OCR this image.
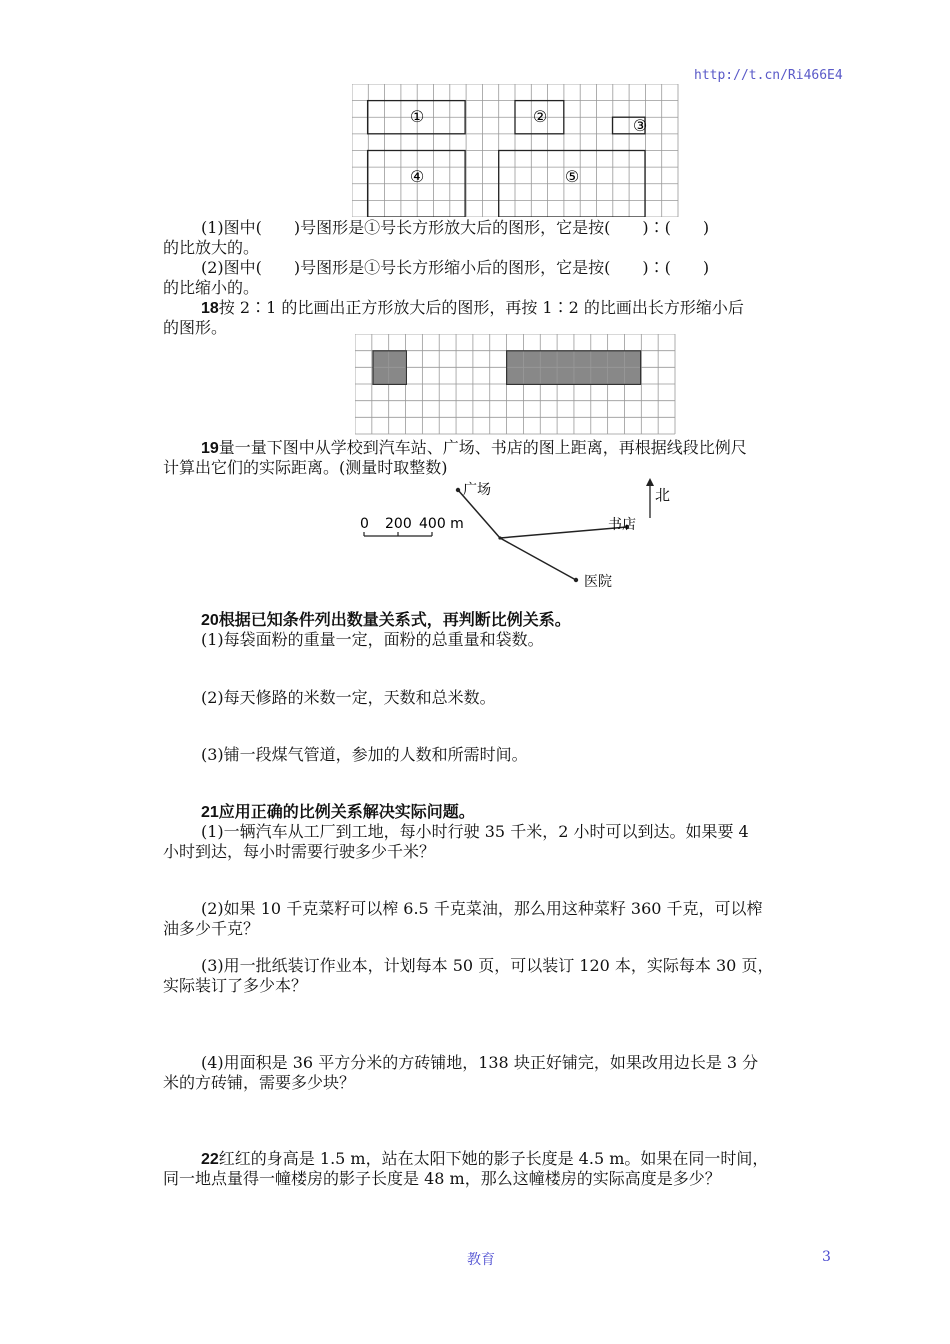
http://t.cn/Ri466E4
①	②	③
④	⑤
(1)图中(　　)号图形是①号长方形放大后的图形，它是按(　　)∶(　　)
的比放大的。
(2)图中(　　)号图形是①号长方形缩小后的图形，它是按(　　)∶(　　)
的比缩小的。
18按 2∶1 的比画出正方形放大后的图形，再按 1∶2 的比画出长方形缩小后
的图形。
19量一量下图中从学校到汽车站、广场、书店的图上距离，再根据线段比例尺
计算出它们的实际距离。(测量时取整数)
0 200 400 m
广场
书店
医院
北
20根据已知条件列出数量关系式，再判断比例关系。
(1)每袋面粉的重量一定，面粉的总重量和袋数。
(2)每天修路的米数一定，天数和总米数。
(3)铺一段煤气管道，参加的人数和所需时间。
21应用正确的比例关系解决实际问题。
(1)一辆汽车从工厂到工地，每小时行驶 35 千米，2 小时可以到达。如果要 4
小时到达，每小时需要行驶多少千米？
(2)如果 10 千克菜籽可以榨 6.5 千克菜油，那么用这种菜籽 360 千克，可以榨
油多少千克？
(3)用一批纸装订作业本，计划每本 50 页，可以装订 120 本，实际每本 30 页，
实际装订了多少本？
(4)用面积是 36 平方分米的方砖铺地，138 块正好铺完，如果改用边长是 3 分
米的方砖铺，需要多少块？
22红红的身高是 1.5 m，站在太阳下她的影子长度是 4.5 m。如果在同一时间，
同一地点量得一幢楼房的影子长度是 48 m，那么这幢楼房的实际高度是多少？
教育	3
